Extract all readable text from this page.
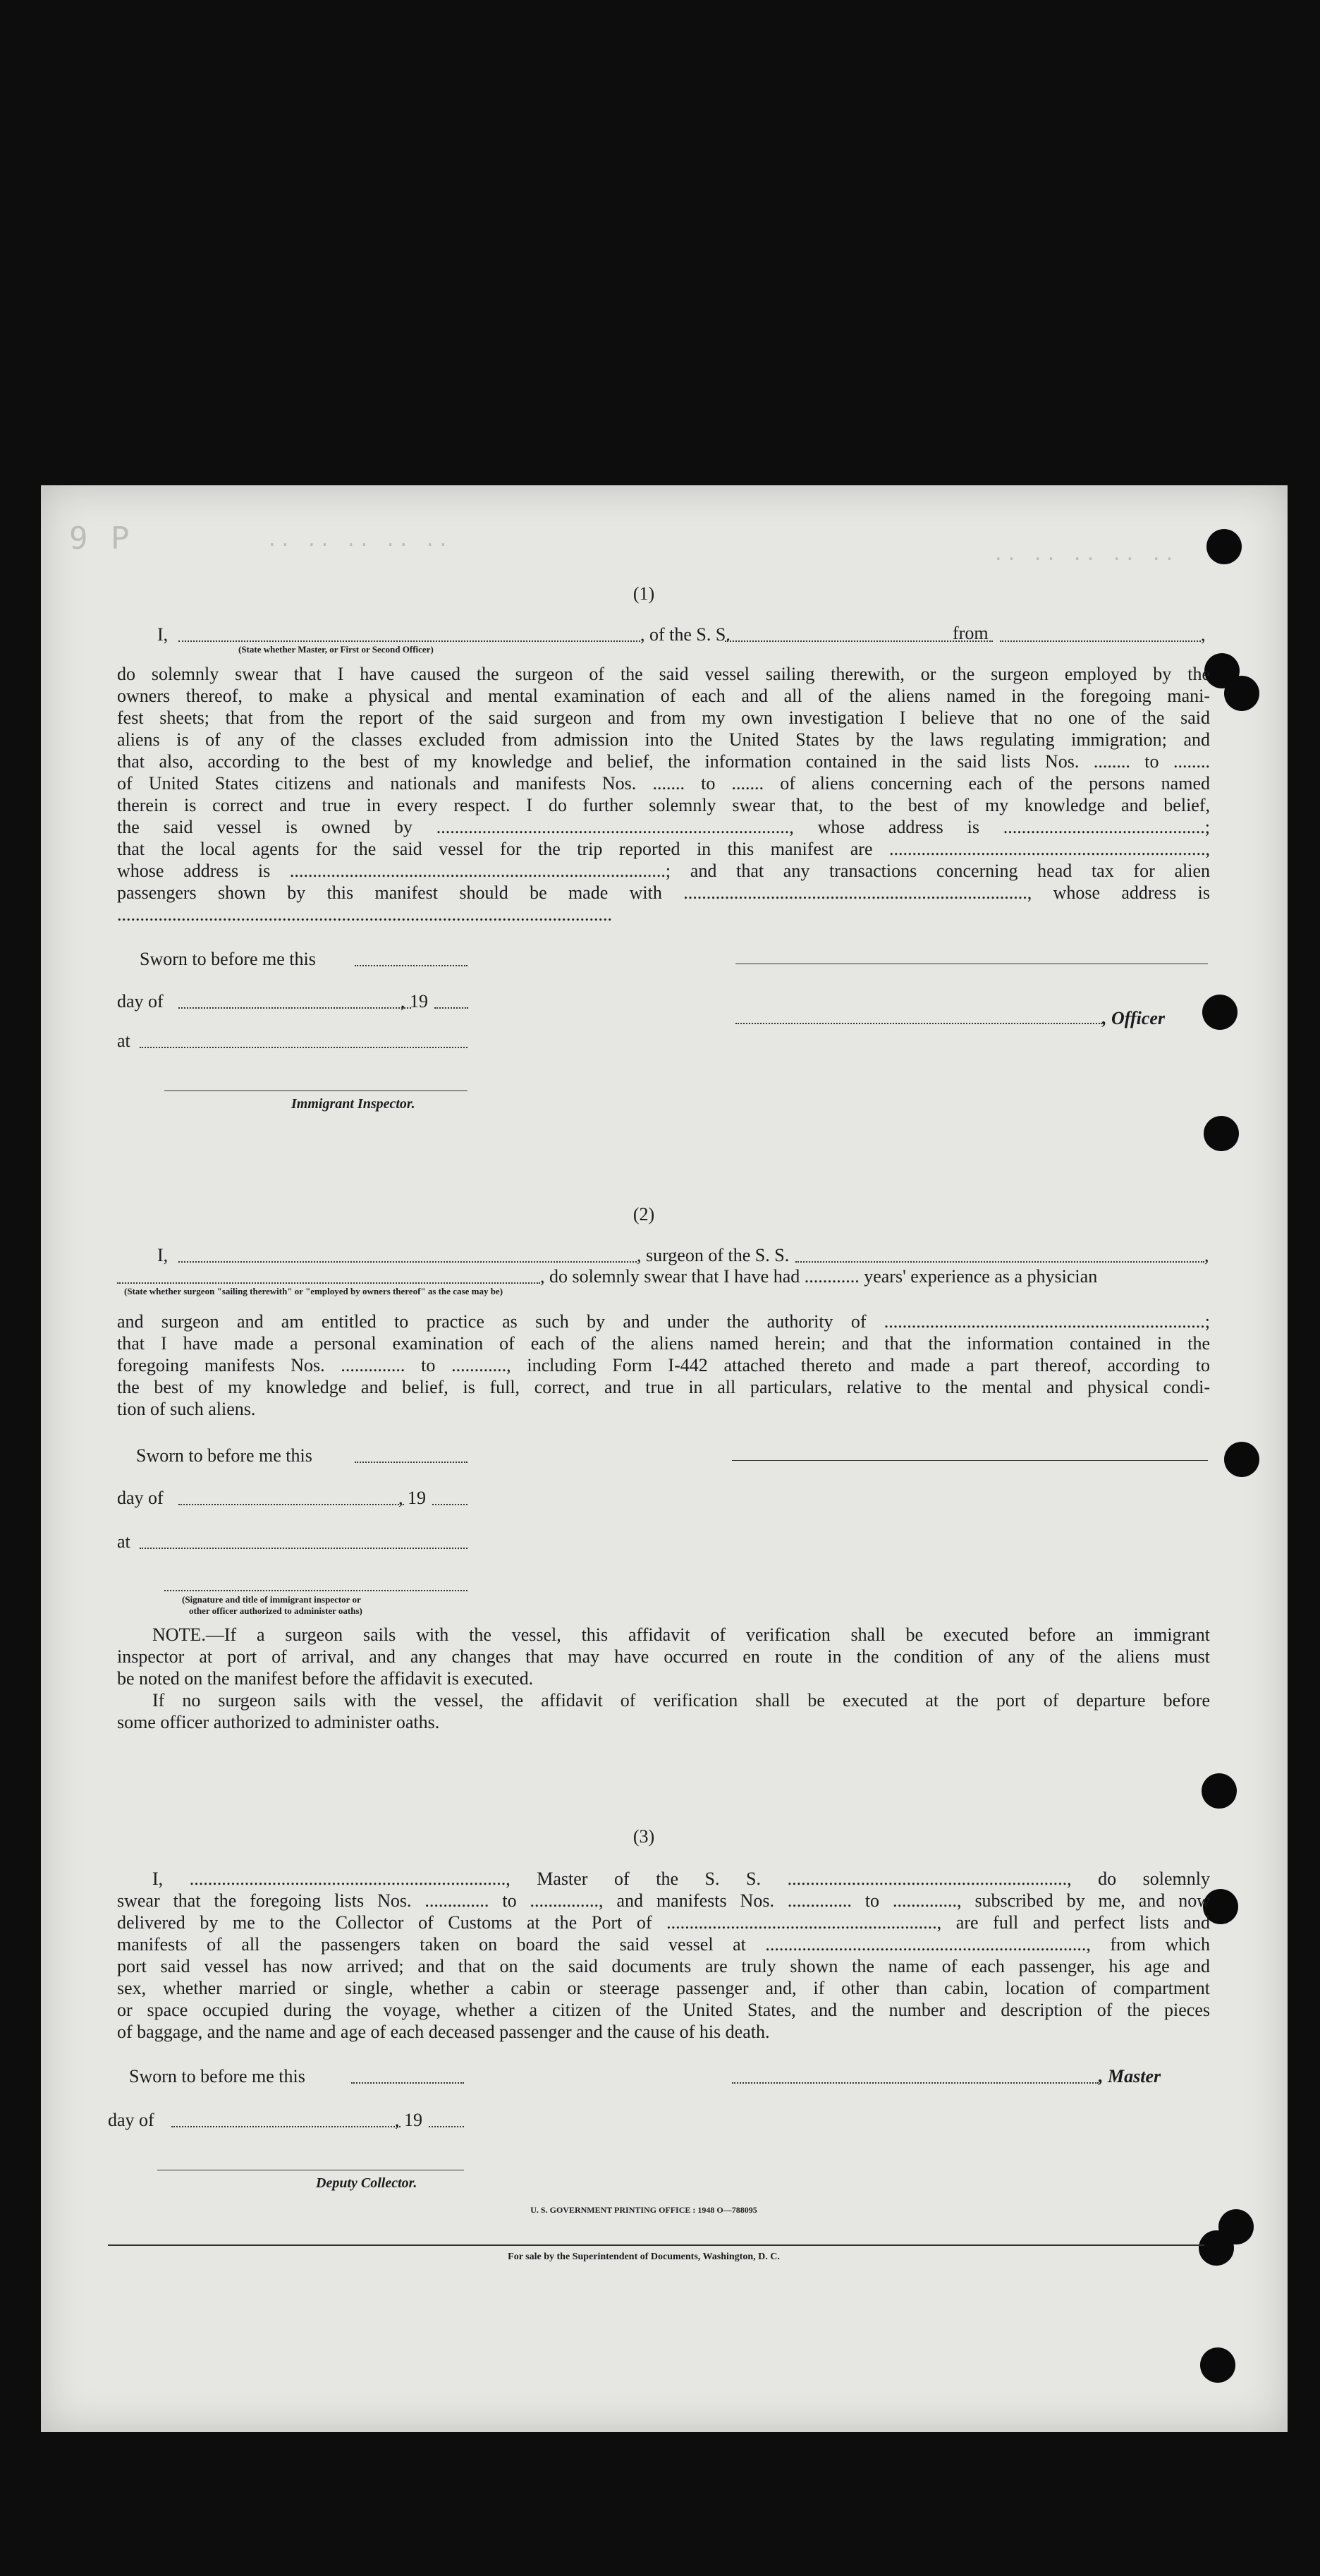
9 P	·· ·· ·· ·· ··
·· ·· ·· ·· ··
(1)
I,	, of the S. S.	from	,
(State whether Master, or First or Second Officer)
do solemnly swear that I have caused the surgeon of the said vessel sailing therewith, or the surgeon employed by the
owners thereof, to make a physical and mental examination of each and all of the aliens named in the foregoing mani-
fest sheets; that from the report of the said surgeon and from my own investigation I believe that no one of the said
aliens is of any of the classes excluded from admission into the United States by the laws regulating immigration; and
that also, according to the best of my knowledge and belief, the information contained in the said lists Nos. ........ to ........
of United States citizens and nationals and manifests Nos. ....... to ....... of aliens concerning each of the persons named
therein is correct and true in every respect. I do further solemnly swear that, to the best of my knowledge and belief,
the said vessel is owned by ............................................................................., whose address is ............................................;
that the local agents for the said vessel for the trip reported in this manifest are .....................................................................,
whose address is ..................................................................................; and that any transactions concerning head tax for alien
passengers shown by this manifest should be made with ..........................................................................., whose address is
............................................................................................................
Sworn to before me this
day of	, 19
, Officer
at
Immigrant Inspector.
(2)
I,	, surgeon of the S. S.	,
, do solemnly swear that I have had ............ years' experience as a physician
(State whether surgeon "sailing therewith" or "employed by owners thereof" as the case may be)
and surgeon and am entitled to practice as such by and under the authority of ......................................................................;
that I have made a personal examination of each of the aliens named herein; and that the information contained in the
foregoing manifests Nos. .............. to ............, including Form I-442 attached thereto and made a part thereof, according to
the best of my knowledge and belief, is full, correct, and true in all particulars, relative to the mental and physical condi-
tion of such aliens.
Sworn to before me this
day of	, 19
at
(Signature and title of immigrant inspector or
other officer authorized to administer oaths)
NOTE.—If a surgeon sails with the vessel, this affidavit of verification shall be executed before an immigrant
inspector at port of arrival, and any changes that may have occurred en route in the condition of any of the aliens must
be noted on the manifest before the affidavit is executed.
If no surgeon sails with the vessel, the affidavit of verification shall be executed at the port of departure before
some officer authorized to administer oaths.
(3)
I, ....................................................................., Master of the S. S. ............................................................., do solemnly
swear that the foregoing lists Nos. .............. to ..............., and manifests Nos. .............. to .............., subscribed by me, and now
delivered by me to the Collector of Customs at the Port of ..........................................................., are full and perfect lists and
manifests of all the passengers taken on board the said vessel at ......................................................................, from which
port said vessel has now arrived; and that on the said documents are truly shown the name of each passenger, his age and
sex, whether married or single, whether a cabin or steerage passenger and, if other than cabin, location of compartment
or space occupied during the voyage, whether a citizen of the United States, and the number and description of the pieces
of baggage, and the name and age of each deceased passenger and the cause of his death.
Sworn to before me this	, Master
day of	, 19
Deputy Collector.
U. S. GOVERNMENT PRINTING OFFICE : 1948 O—788095
For sale by the Superintendent of Documents, Washington, D. C.
